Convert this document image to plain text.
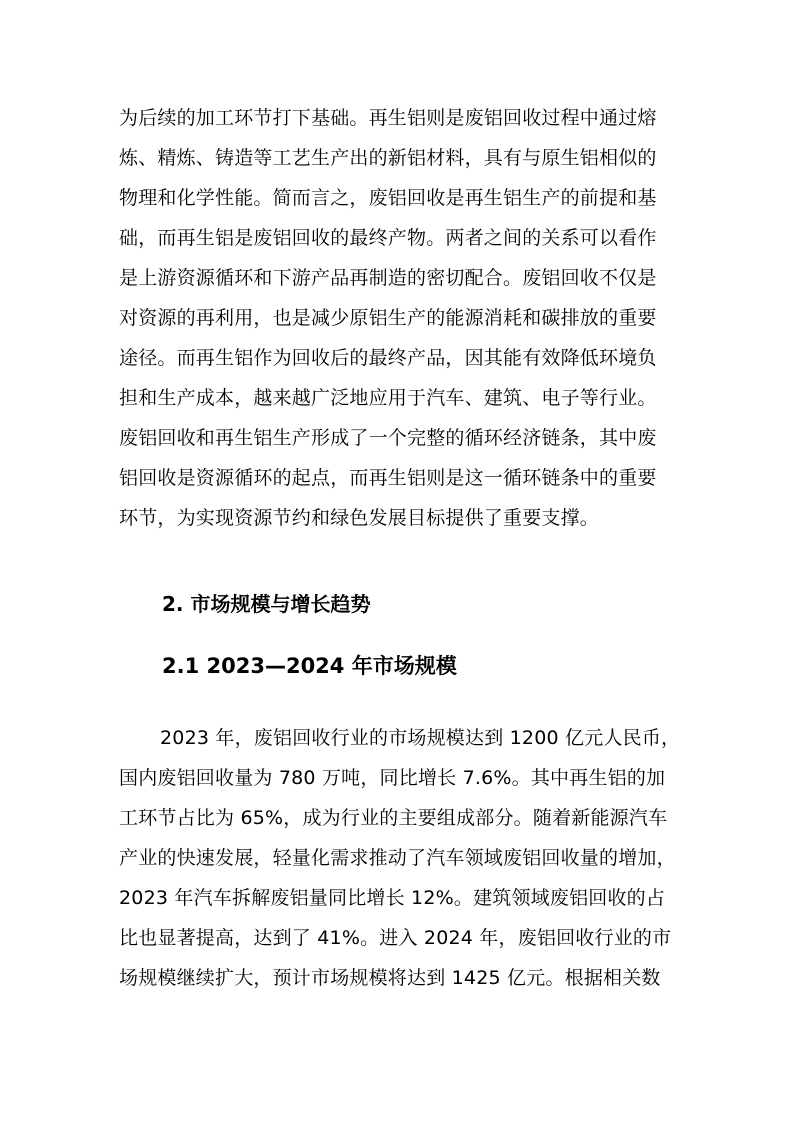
为后续的加工环节打下基础。再生铝则是废铝回收过程中通过熔
炼、精炼、铸造等工艺生产出的新铝材料，具有与原生铝相似的
物理和化学性能。简而言之，废铝回收是再生铝生产的前提和基
础，而再生铝是废铝回收的最终产物。两者之间的关系可以看作
是上游资源循环和下游产品再制造的密切配合。废铝回收不仅是
对资源的再利用，也是减少原铝生产的能源消耗和碳排放的重要
途径。而再生铝作为回收后的最终产品，因其能有效降低环境负
担和生产成本，越来越广泛地应用于汽车、建筑、电子等行业。
废铝回收和再生铝生产形成了一个完整的循环经济链条，其中废
铝回收是资源循环的起点，而再生铝则是这一循环链条中的重要
环节，为实现资源节约和绿色发展目标提供了重要支撑。
2. 市场规模与增长趋势
2.1 2023—2024 年市场规模
2023 年，废铝回收行业的市场规模达到 1200 亿元人民币，
国内废铝回收量为 780 万吨，同比增长 7.6%。其中再生铝的加
工环节占比为 65%，成为行业的主要组成部分。随着新能源汽车
产业的快速发展，轻量化需求推动了汽车领域废铝回收量的增加，
2023 年汽车拆解废铝量同比增长 12%。建筑领域废铝回收的占
比也显著提高，达到了 41%。进入 2024 年，废铝回收行业的市
场规模继续扩大，预计市场规模将达到 1425 亿元。根据相关数
